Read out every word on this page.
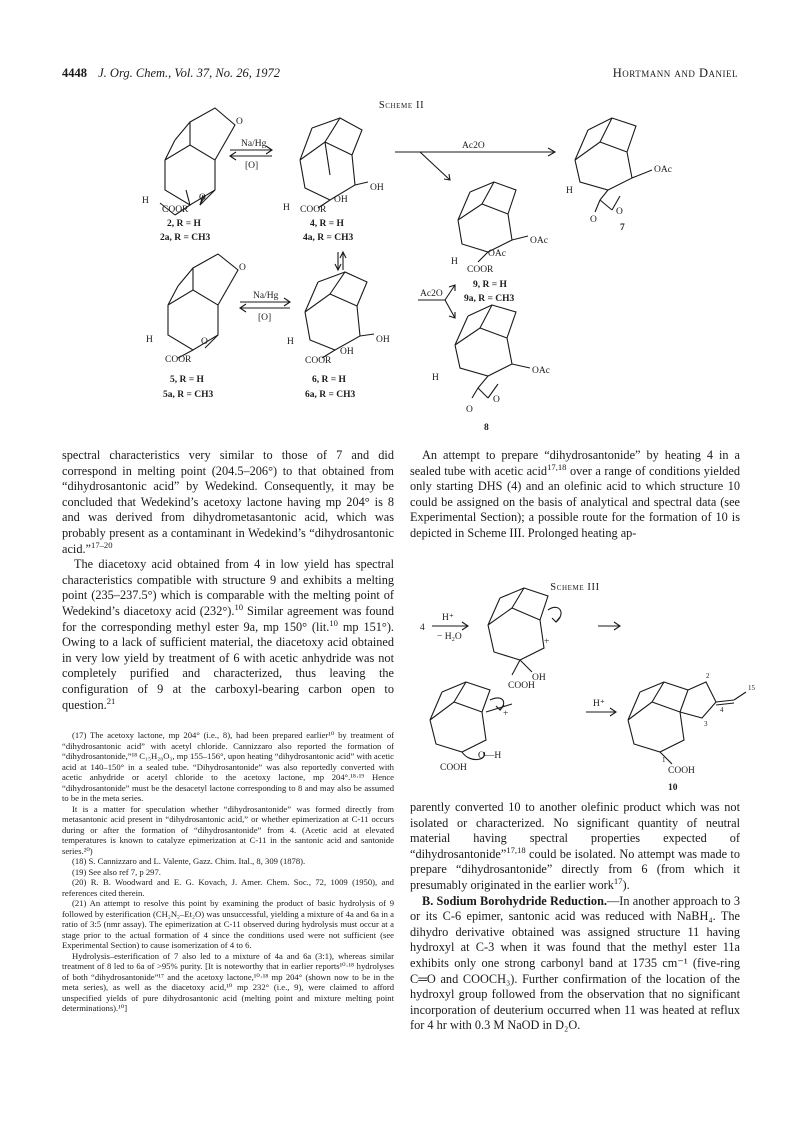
4448 J. Org. Chem., Vol. 37, No. 26, 1972	Hortmann and Daniel
Scheme II
O
O
H
COOR
2, R = H
2a, R = CH3
Na/Hg
[O]
OH
OH
H COOR
4, R = H
4a, R = CH3
Ac2O
OAc
O
O
H
7
OAc
OAc
H
COOR
9, R = H
9a, R = CH3
O
O
H
COOR
5, R = H
5a, R = CH3
Na/Hg
[O]
OH
OH
H
COOR
6, R = H
6a, R = CH3
Ac2O
OAc
O
O
H
8

spectral characteristics very similar to those of 7 and did correspond in melting point (204.5–206°) to that obtained from “dihydrosantonic acid” by Wedekind. Consequently, it may be concluded that Wedekind’s acetoxy lactone having mp 204° is 8 and was derived from dihydrometasantonic acid, which was probably present as a contaminant in Wedekind’s “dihydrosantonic acid.”$^{17-20}$

The diacetoxy acid obtained from 4 in low yield has spectral characteristics compatible with structure 9 and exhibits a melting point (235–237.5°) which is comparable with the melting point of Wedekind’s diacetoxy acid (232°).$^{10}$ Similar agreement was found for the corresponding methyl ester 9a, mp 150° (lit.$^{10}$ mp 151°). Owing to a lack of sufficient material, the diacetoxy acid obtained in very low yield by treatment of 6 with acetic anhydride was not completely purified and characterized, thus leaving the configuration of 9 at the carboxyl-bearing carbon open to question.$^{21}$

(17) The acetoxy lactone, mp 204° (i.e., 8), had been prepared earlier¹⁰ by treatment of “dihydrosantonic acid” with acetyl chloride. Cannizzaro also reported the formation of “dihydrosantonide,”¹⁸ C₁₅H₂₀O₃, mp 155–156°, upon heating “dihydrosantonic acid” with acetic acid at 140–150° in a sealed tube. “Dihydrosantonide” was also reportedly converted with acetic anhydride or acetyl chloride to the acetoxy lactone, mp 204°.¹⁸·¹⁹ Hence “dihydrosantonide” must be the desacetyl lactone corresponding to 8 and may also be assumed to be in the meta series.

It is a matter for speculation whether “dihydrosantonide” was formed directly from metasantonic acid present in “dihydrosantonic acid,” or whether epimerization at C-11 occurs during or after the formation of “dihydrosantonide” from 4. (Acetic acid at elevated temperatures is known to catalyze epimerization at C-11 in the santonic acid and santonide series.²⁰)

(18) S. Cannizzaro and L. Valente, Gazz. Chim. Ital., 8, 309 (1878).

(19) See also ref 7, p 297.

(20) R. B. Woodward and E. G. Kovach, J. Amer. Chem. Soc., 72, 1009 (1950), and references cited therein.

(21) An attempt to resolve this point by examining the product of basic hydrolysis of 9 followed by esterification (CH₂N₂–Et₂O) was unsuccessful, yielding a mixture of 4a and 6a in a ratio of 3:5 (nmr assay). The epimerization at C-11 observed during hydrolysis must occur at a stage prior to the actual formation of 4 since the conditions used were not sufficient (see Experimental Section) to cause isomerization of 4 to 6.

Hydrolysis–esterification of 7 also led to a mixture of 4a and 6a (3:1), whereas similar treatment of 8 led to 6a of >95% purity. [It is noteworthy that in earlier reports¹⁰·¹⁸ hydrolyses of both “dihydrosantonide”¹⁷ and the acetoxy lactone,¹⁰·¹⁸ mp 204° (shown now to be in the meta series), as well as the diacetoxy acid,¹⁰ mp 232° (i.e., 9), were claimed to afford unspecified yields of pure dihydrosantonic acid (melting point and mixture melting point determinations).¹⁰]

An attempt to prepare “dihydrosantonide” by heating 4 in a sealed tube with acetic acid$^{17,18}$ over a range of conditions yielded only starting DHS (4) and an olefinic acid to which structure 10 could be assigned on the basis of analytical and spectral data (see Experimental Section); a possible route for the formation of 10 is depicted in Scheme III. Prolonged heating ap-

Scheme III
4
H⁺
− H₂O	+
COOH
OH
+
O—H
COOH
H⁺
1
2
3
4
15
COOH
10

parently converted 10 to another olefinic product which was not isolated or characterized. No significant quantity of neutral material having spectral properties expected of “dihydrosantonide”$^{17,18}$ could be isolated. No attempt was made to prepare “dihydrosantonide” directly from 6 (from which it presumably originated in the earlier work$^{17}$).

B. Sodium Borohydride Reduction.—In another approach to 3 or its C-6 epimer, santonic acid was reduced with NaBH₄. The dihydro derivative obtained was assigned structure 11 having hydroxyl at C-3 when it was found that the methyl ester 11a exhibits only one strong carbonyl band at 1735 cm⁻¹ (five-ring C═O and COOCH₃). Further confirmation of the location of the hydroxyl group followed from the observation that no significant incorporation of deuterium occurred when 11 was heated at reflux for 4 hr with 0.3 M NaOD in D₂O.
